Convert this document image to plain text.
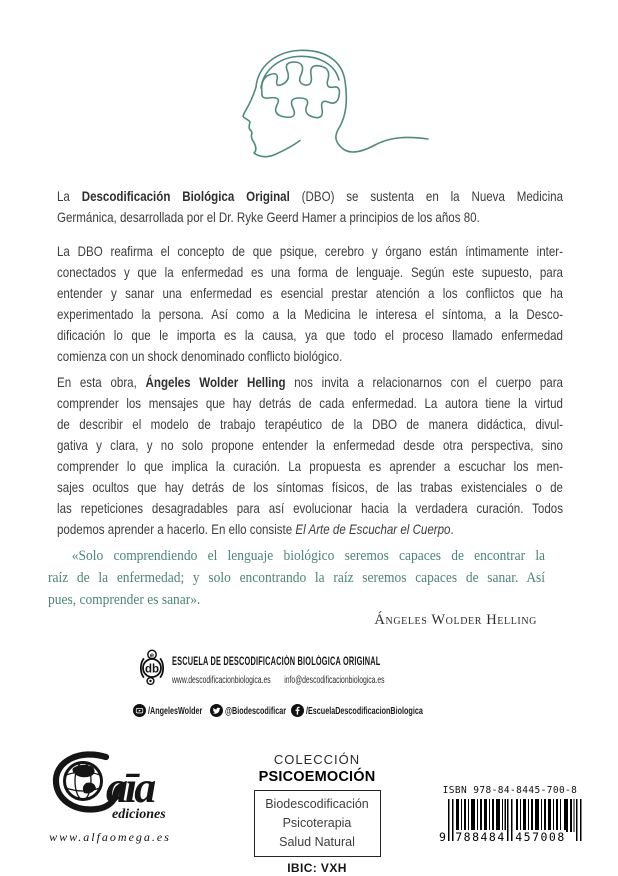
La Descodificación Biológica Original (DBO) se sustenta en la Nueva Medicina
Germánica, desarrollada por el Dr. Ryke Geerd Hamer a principios de los años 80.
La DBO reafirma el concepto de que psique, cerebro y órgano están íntimamente inter-
conectados y que la enfermedad es una forma de lenguaje. Según este supuesto, para
entender y sanar una enfermedad es esencial prestar atención a los conflictos que ha
experimentado la persona. Así como a la Medicina le interesa el síntoma, a la Desco-
dificación lo que le importa es la causa, ya que todo el proceso llamado enfermedad
comienza con un shock denominado conflicto biológico.
En esta obra, Ángeles Wolder Helling nos invita a relacionarnos con el cuerpo para
comprender los mensajes que hay detrás de cada enfermedad. La autora tiene la virtud
de describir el modelo de trabajo terapéutico de la DBO de manera didáctica, divul-
gativa y clara, y no solo propone entender la enfermedad desde otra perspectiva, sino
comprender lo que implica la curación. La propuesta es aprender a escuchar los men-
sajes ocultos que hay detrás de los síntomas físicos, de las trabas existenciales o de
las repeticiones desagradables para así evolucionar hacia la verdadera curación. Todos
podemos aprender a hacerlo. En ello consiste El Arte de Escuchar el Cuerpo.
«Solo comprendiendo el lenguaje biológico seremos capaces de encontrar la
raíz de la enfermedad; y solo encontrando la raíz seremos capaces de sanar. Así
pues, comprender es sanar».
Ángeles Wolder Helling
db
e
ESCUELA DE DESCODIFICACIÓN BIOLÓGICA ORIGINAL
www.descodificacionbiologica.es info@descodificacionbiologica.es
/AngelesWolder @Biodescodificar /EscuelaDescodificacionBiologica
aīa
ediciones
www.alfaomega.es
COLECCIÓN
PSICOEMOCIÓN
Biodescodificación
Psicoterapia
Salud Natural
IBIC: VXH
ISBN 978-84-8445-700-8
9 788484 457008
